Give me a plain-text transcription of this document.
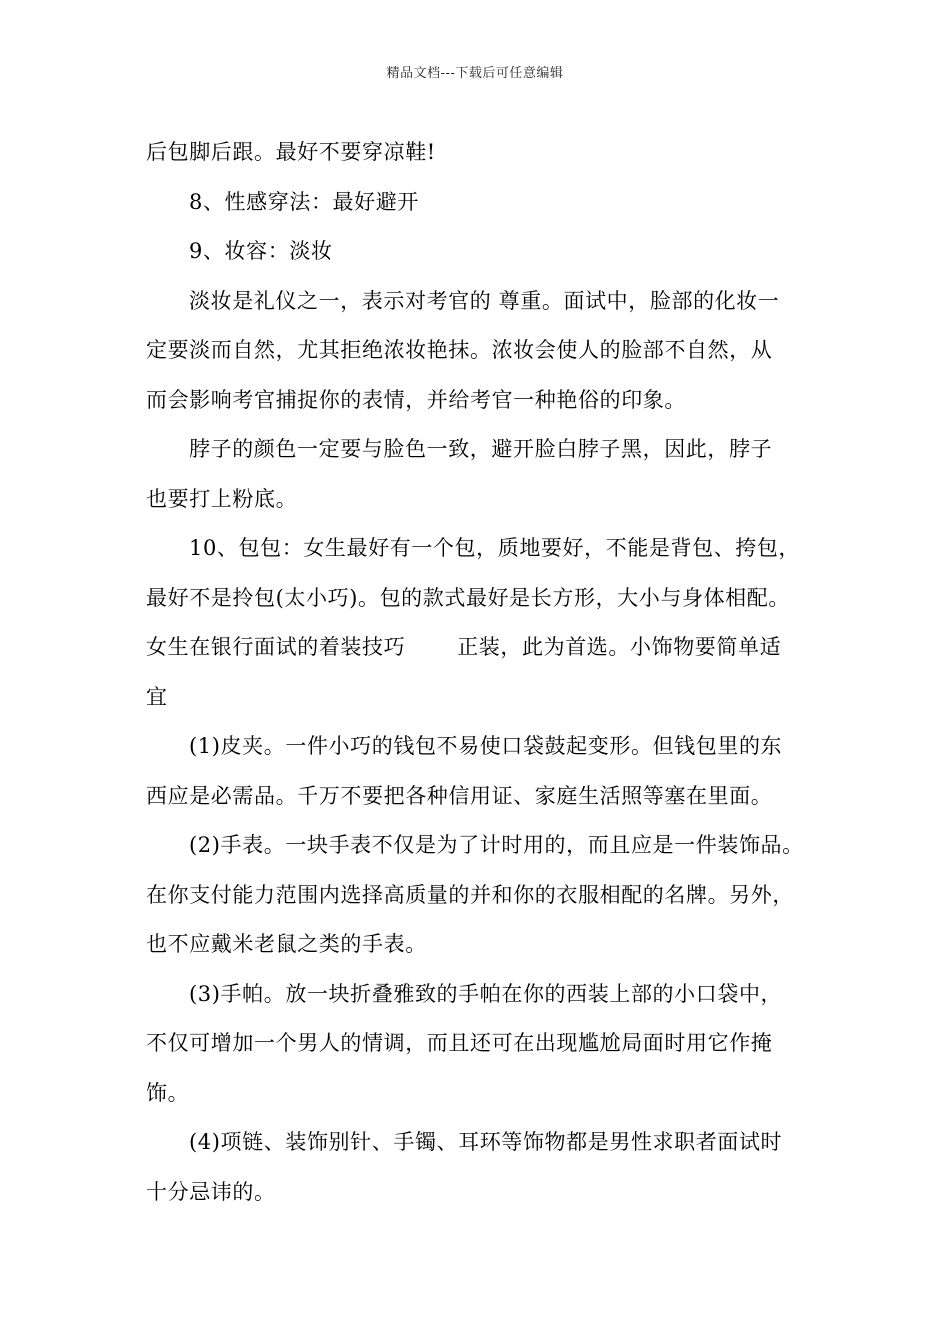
精品文档---下载后可任意编辑

后包脚后跟。最好不要穿凉鞋!

8、性感穿法：最好避开

9、妆容：淡妆

淡妆是礼仪之一，表示对考官的 尊重。面试中，脸部的化妆一

定要淡而自然，尤其拒绝浓妆艳抹。浓妆会使人的脸部不自然，从

而会影响考官捕捉你的表情，并给考官一种艳俗的印象。

脖子的颜色一定要与脸色一致，避开脸白脖子黑，因此，脖子

也要打上粉底。

10、包包：女生最好有一个包，质地要好，不能是背包、挎包，

最好不是拎包(太小巧)。包的款式最好是长方形，大小与身体相配。

女生在银行面试的着装技巧 正装，此为首选。小饰物要简单适

宜

(1)皮夹。一件小巧的钱包不易使口袋鼓起变形。但钱包里的东

西应是必需品。千万不要把各种信用证、家庭生活照等塞在里面。

(2)手表。一块手表不仅是为了计时用的，而且应是一件装饰品。

在你支付能力范围内选择高质量的并和你的衣服相配的名牌。另外，

也不应戴米老鼠之类的手表。

(3)手帕。放一块折叠雅致的手帕在你的西装上部的小口袋中，

不仅可增加一个男人的情调，而且还可在出现尴尬局面时用它作掩

饰。

(4)项链、装饰别针、手镯、耳环等饰物都是男性求职者面试时

十分忌讳的。
